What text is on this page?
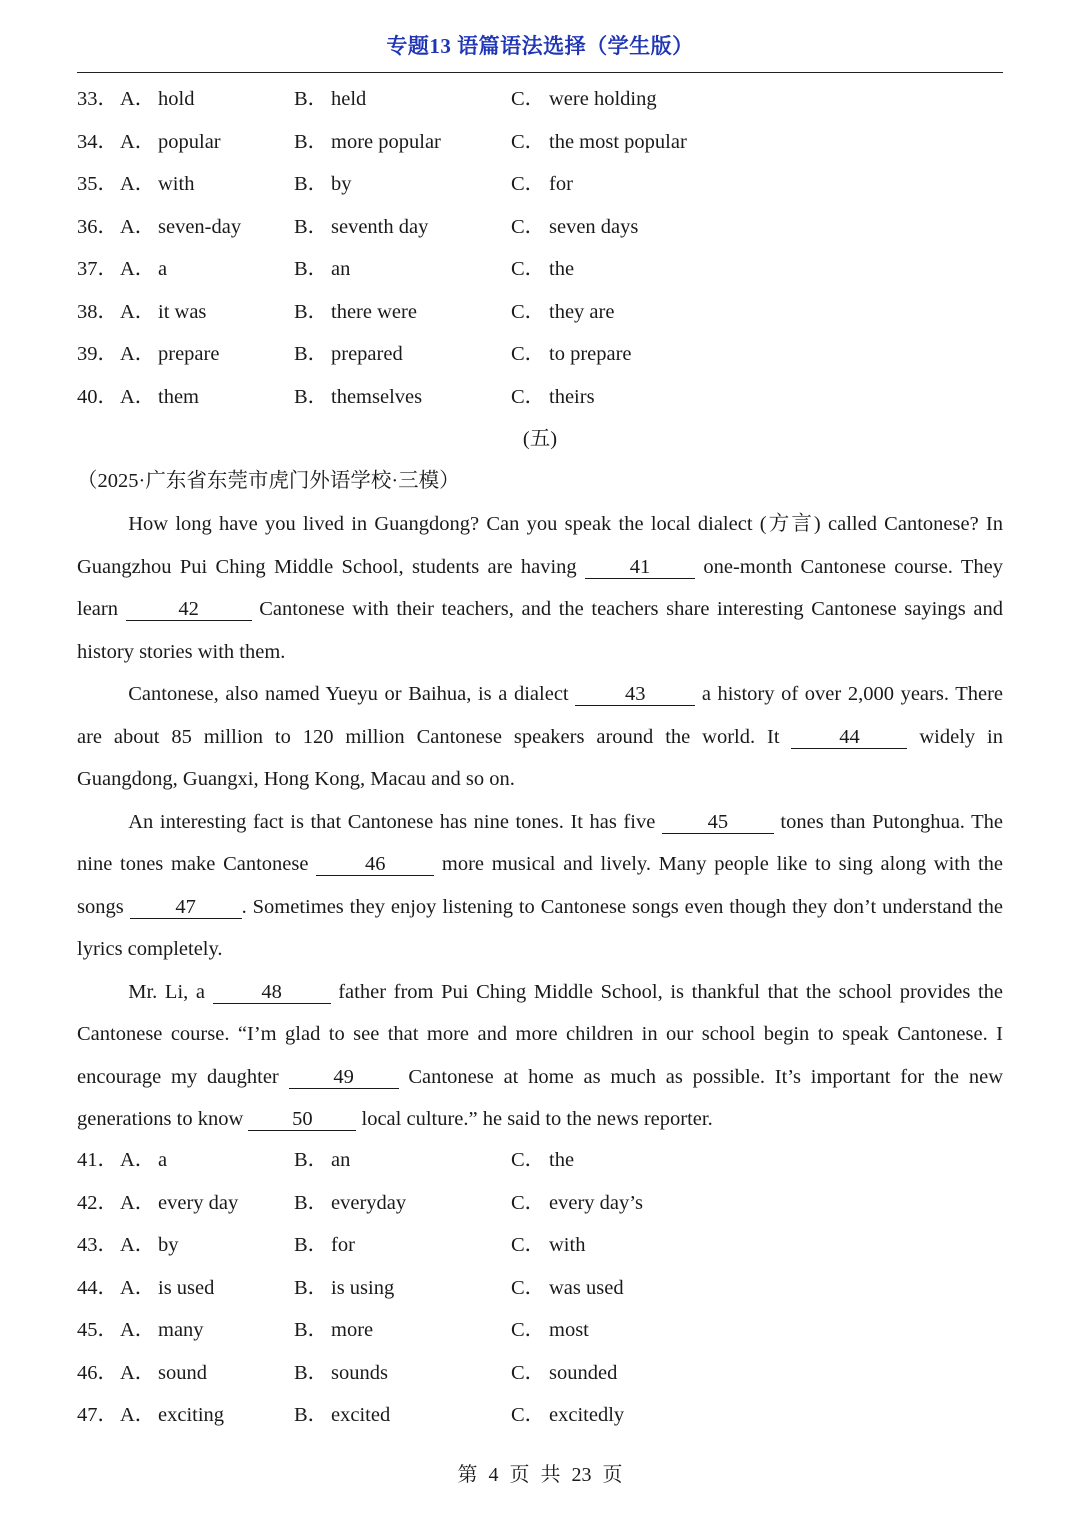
专题13 语篇语法选择（学生版）
33． A． hold	B． held	C． were holding
34． A． popular	B． more popular	C． the most popular
35． A． with	B． by	C． for
36． A． seven-day	B． seventh day	C． seven days
37． A． a	B． an	C． the
38． A． it was	B． there were	C． they are
39． A． prepare	B． prepared	C． to prepare
40． A． them	B． themselves	C． theirs
(五)
（2025·广东省东莞市虎门外语学校·三模）

How long have you lived in Guangdong? Can you speak the local dialect (方言) called Cantonese? In Guangzhou Pui Ching Middle School, students are having 41 one-month Cantonese course. They learn	42	Cantonese with their teachers, and the teachers share interesting Cantonese sayings and history stories with them.

Cantonese, also named Yueyu or Baihua, is a dialect 43 a history of over 2,000 years. There are about 85 million to 120 million Cantonese speakers around the world. It 44 widely in Guangdong, Guangxi, Hong Kong, Macau and so on.

An interesting fact is that Cantonese has nine tones. It has five 45 tones than Putonghua. The nine tones make Cantonese 46 more musical and lively. Many people like to sing along with the songs 47 . Sometimes they enjoy listening to Cantonese songs even though they don’t understand the lyrics completely.

Mr. Li, a 48 father from Pui Ching Middle School, is thankful that the school provides the Cantonese course. “I’m glad to see that more and more children in our school begin to speak Cantonese. I encourage my daughter 49 Cantonese at home as much as possible. It’s important for the new generations to know 50 local culture.” he said to the news reporter.

41． A． a	B． an	C． the
42． A． every day	B． everyday	C． every day’s
43． A． by	B． for	C． with
44． A． is used	B． is using	C． was used
45． A． many	B． more	C． most
46． A． sound	B． sounds	C． sounded
47． A． exciting	B． excited	C． excitedly
第 4 页 共 23 页
